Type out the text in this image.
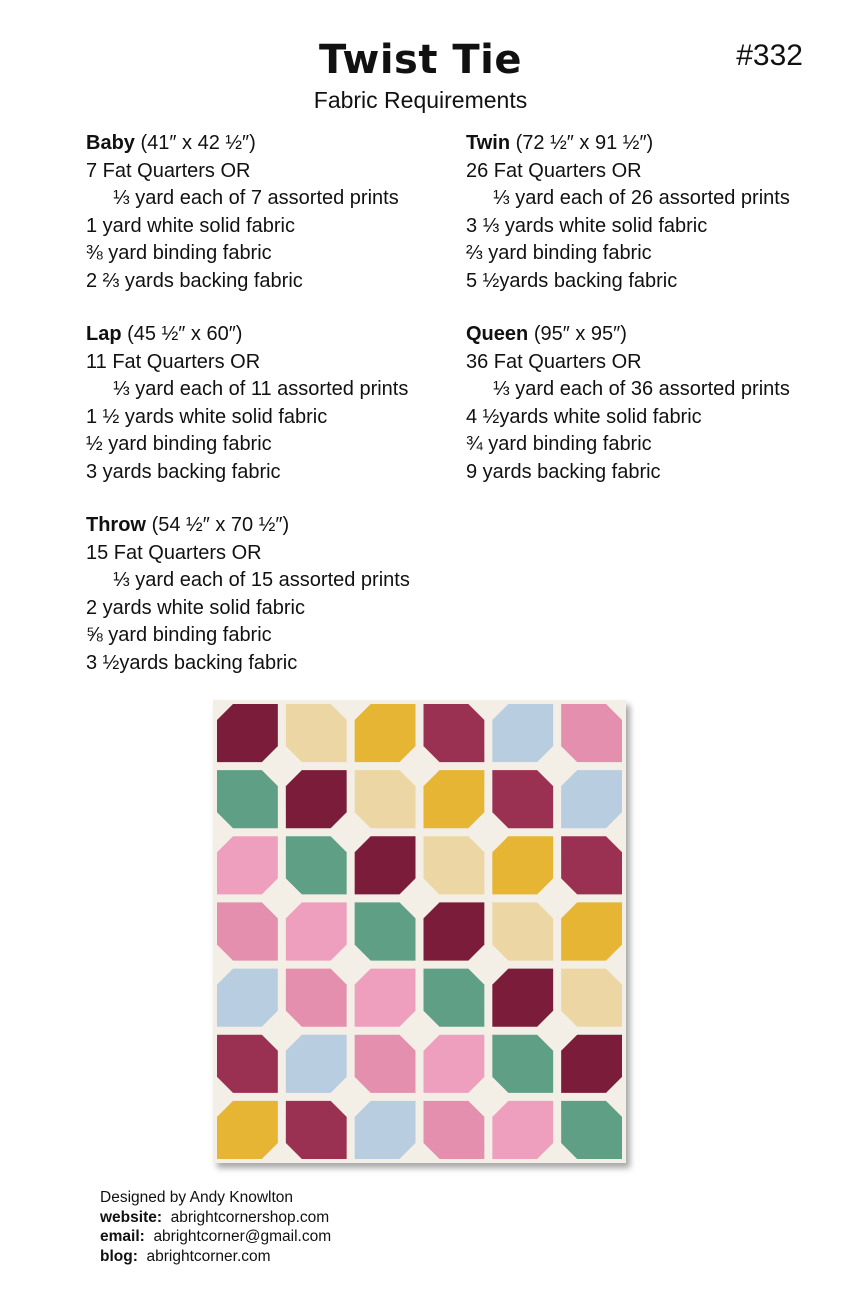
Twist Tie	#332
Fabric Requirements
Baby (41″ x 42 ½″)
7 Fat Quarters OR
⅓ yard each of 7 assorted prints
1 yard white solid fabric
⅜ yard binding fabric
2 ⅔ yards backing fabric
Lap (45 ½″ x 60″)
11 Fat Quarters OR
⅓ yard each of 11 assorted prints
1 ½ yards white solid fabric
½ yard binding fabric
3 yards backing fabric
Throw (54 ½″ x 70 ½″)
15 Fat Quarters OR
⅓ yard each of 15 assorted prints
2 yards white solid fabric
⅝ yard binding fabric
3 ½yards backing fabric
Twin (72 ½″ x 91 ½″)
26 Fat Quarters OR
⅓ yard each of 26 assorted prints
3 ⅓ yards white solid fabric
⅔ yard binding fabric
5 ½yards backing fabric
Queen (95″ x 95″)
36 Fat Quarters OR
⅓ yard each of 36 assorted prints
4 ½yards white solid fabric
¾ yard binding fabric
9 yards backing fabric
Designed by Andy Knowlton
website: abrightcornershop.com
email: abrightcorner@gmail.com
blog: abrightcorner.com
